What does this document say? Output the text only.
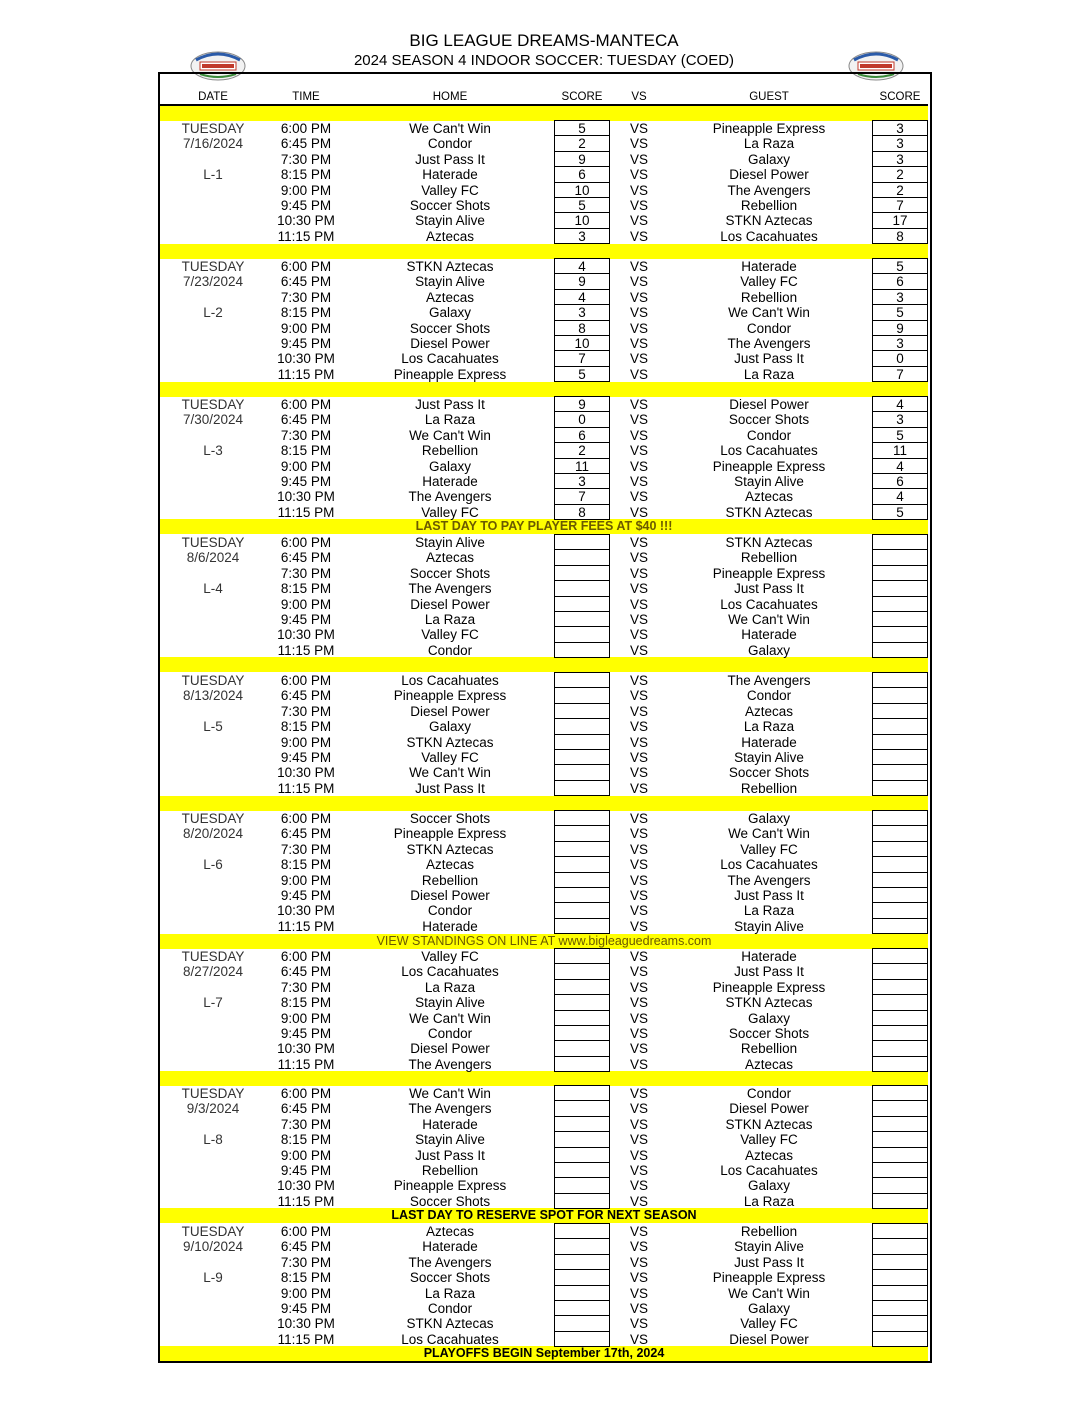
BIG LEAGUE DREAMS-MANTECA
2024 SEASON 4 INDOOR SOCCER: TUESDAY (COED)
DATE	TIME	HOME	SCORE	VS	GUEST	SCORE
LAST DAY TO PAY PLAYER FEES AT $40 !!!
VIEW STANDINGS ON LINE AT www.bigleaguedreams.com
LAST DAY TO RESERVE SPOT FOR NEXT SEASON
PLAYOFFS BEGIN September 17th, 2024
TUESDAY
7/16/2024
L-1
6:00 PM	We Can't Win	5	VS	Pineapple Express	3
6:45 PM	Condor	2	VS	La Raza	3
7:30 PM	Just Pass It	9	VS	Galaxy	3
8:15 PM	Haterade	6	VS	Diesel Power	2
9:00 PM	Valley FC	10	VS	The Avengers	2
9:45 PM	Soccer Shots	5	VS	Rebellion	7
10:30 PM	Stayin Alive	10	VS	STKN Aztecas	17
11:15 PM	Aztecas	3	VS	Los Cacahuates	8
TUESDAY
7/23/2024
L-2
6:00 PM	STKN Aztecas	4	VS	Haterade	5
6:45 PM	Stayin Alive	9	VS	Valley FC	6
7:30 PM	Aztecas	4	VS	Rebellion	3
8:15 PM	Galaxy	3	VS	We Can't Win	5
9:00 PM	Soccer Shots	8	VS	Condor	9
9:45 PM	Diesel Power	10	VS	The Avengers	3
10:30 PM	Los Cacahuates	7	VS	Just Pass It	0
11:15 PM	Pineapple Express	5	VS	La Raza	7
TUESDAY
7/30/2024
L-3
6:00 PM	Just Pass It	9	VS	Diesel Power	4
6:45 PM	La Raza	0	VS	Soccer Shots	3
7:30 PM	We Can't Win	6	VS	Condor	5
8:15 PM	Rebellion	2	VS	Los Cacahuates	11
9:00 PM	Galaxy	11	VS	Pineapple Express	4
9:45 PM	Haterade	3	VS	Stayin Alive	6
10:30 PM	The Avengers	7	VS	Aztecas	4
11:15 PM	Valley FC	8	VS	STKN Aztecas	5
TUESDAY
8/6/2024
L-4
6:00 PM	Stayin Alive	VS	STKN Aztecas
6:45 PM	Aztecas	VS	Rebellion
7:30 PM	Soccer Shots	VS	Pineapple Express
8:15 PM	The Avengers	VS	Just Pass It
9:00 PM	Diesel Power	VS	Los Cacahuates
9:45 PM	La Raza	VS	We Can't Win
10:30 PM	Valley FC	VS	Haterade
11:15 PM	Condor	VS	Galaxy
TUESDAY
8/13/2024
L-5
6:00 PM	Los Cacahuates	VS	The Avengers
6:45 PM	Pineapple Express	VS	Condor
7:30 PM	Diesel Power	VS	Aztecas
8:15 PM	Galaxy	VS	La Raza
9:00 PM	STKN Aztecas	VS	Haterade
9:45 PM	Valley FC	VS	Stayin Alive
10:30 PM	We Can't Win	VS	Soccer Shots
11:15 PM	Just Pass It	VS	Rebellion
TUESDAY
8/20/2024
L-6
6:00 PM	Soccer Shots	VS	Galaxy
6:45 PM	Pineapple Express	VS	We Can't Win
7:30 PM	STKN Aztecas	VS	Valley FC
8:15 PM	Aztecas	VS	Los Cacahuates
9:00 PM	Rebellion	VS	The Avengers
9:45 PM	Diesel Power	VS	Just Pass It
10:30 PM	Condor	VS	La Raza
11:15 PM	Haterade	VS	Stayin Alive
TUESDAY
8/27/2024
L-7
6:00 PM	Valley FC	VS	Haterade
6:45 PM	Los Cacahuates	VS	Just Pass It
7:30 PM	La Raza	VS	Pineapple Express
8:15 PM	Stayin Alive	VS	STKN Aztecas
9:00 PM	We Can't Win	VS	Galaxy
9:45 PM	Condor	VS	Soccer Shots
10:30 PM	Diesel Power	VS	Rebellion
11:15 PM	The Avengers	VS	Aztecas
TUESDAY
9/3/2024
L-8
6:00 PM	We Can't Win	VS	Condor
6:45 PM	The Avengers	VS	Diesel Power
7:30 PM	Haterade	VS	STKN Aztecas
8:15 PM	Stayin Alive	VS	Valley FC
9:00 PM	Just Pass It	VS	Aztecas
9:45 PM	Rebellion	VS	Los Cacahuates
10:30 PM	Pineapple Express	VS	Galaxy
11:15 PM	Soccer Shots	VS	La Raza
TUESDAY
9/10/2024
L-9
6:00 PM	Aztecas	VS	Rebellion
6:45 PM	Haterade	VS	Stayin Alive
7:30 PM	The Avengers	VS	Just Pass It
8:15 PM	Soccer Shots	VS	Pineapple Express
9:00 PM	La Raza	VS	We Can't Win
9:45 PM	Condor	VS	Galaxy
10:30 PM	STKN Aztecas	VS	Valley FC
11:15 PM	Los Cacahuates	VS	Diesel Power
